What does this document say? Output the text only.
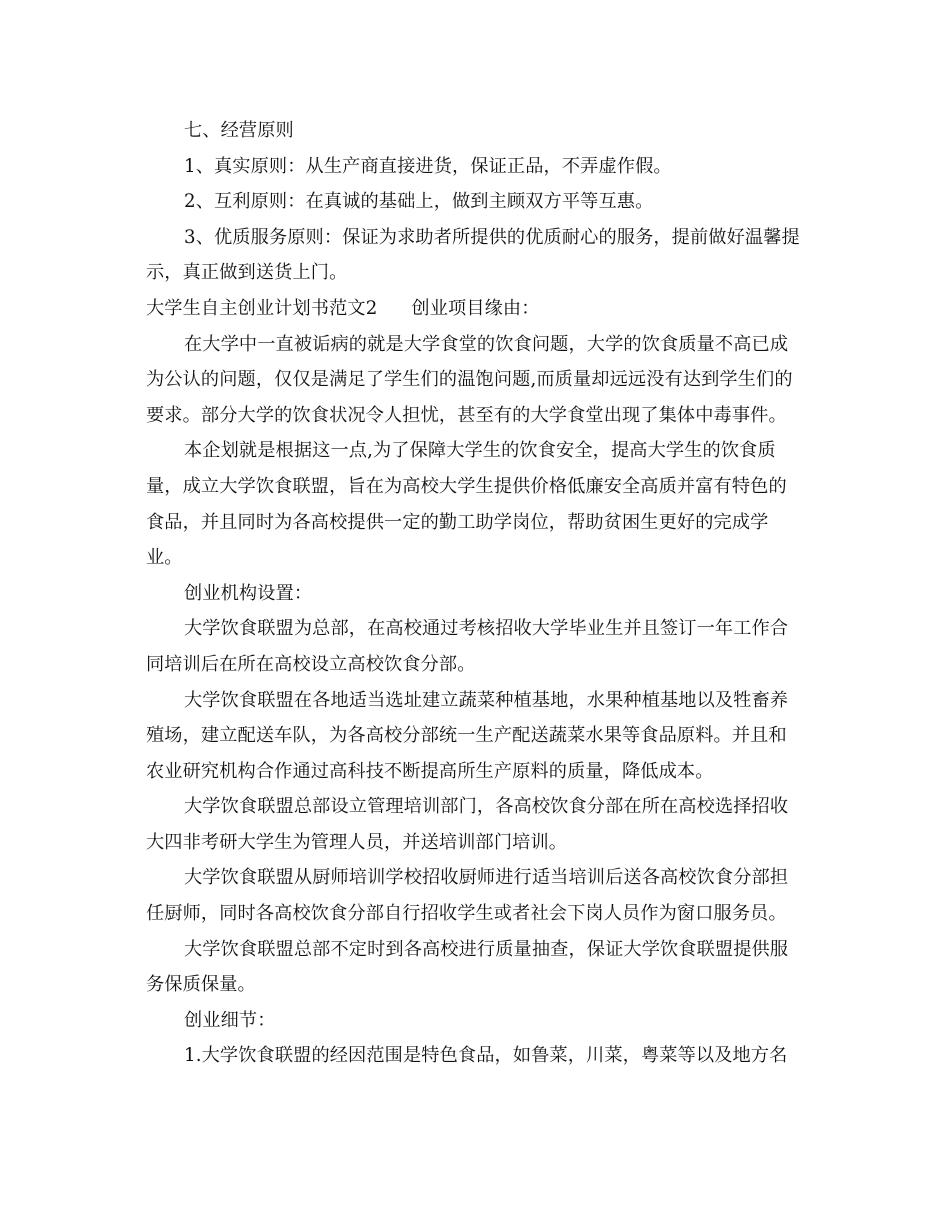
七、经营原则
1、真实原则：从生产商直接进货，保证正品，不弄虚作假。
2、互利原则：在真诚的基础上，做到主顾双方平等互惠。
3、优质服务原则：保证为求助者所提供的优质耐心的服务，提前做好温馨提
示，真正做到送货上门。
大学生自主创业计划书范文2 创业项目缘由：
在大学中一直被诟病的就是大学食堂的饮食问题，大学的饮食质量不高已成
为公认的问题，仅仅是满足了学生们的温饱问题,而质量却远远没有达到学生们的
要求。部分大学的饮食状况令人担忧，甚至有的大学食堂出现了集体中毒事件。
本企划就是根据这一点,为了保障大学生的饮食安全，提高大学生的饮食质
量，成立大学饮食联盟，旨在为高校大学生提供价格低廉安全高质并富有特色的
食品，并且同时为各高校提供一定的勤工助学岗位，帮助贫困生更好的完成学
业。
创业机构设置：
大学饮食联盟为总部，在高校通过考核招收大学毕业生并且签订一年工作合
同培训后在所在高校设立高校饮食分部。
大学饮食联盟在各地适当选址建立蔬菜种植基地，水果种植基地以及牲畜养
殖场，建立配送车队，为各高校分部统一生产配送蔬菜水果等食品原料。并且和
农业研究机构合作通过高科技不断提高所生产原料的质量，降低成本。
大学饮食联盟总部设立管理培训部门，各高校饮食分部在所在高校选择招收
大四非考研大学生为管理人员，并送培训部门培训。
大学饮食联盟从厨师培训学校招收厨师进行适当培训后送各高校饮食分部担
任厨师，同时各高校饮食分部自行招收学生或者社会下岗人员作为窗口服务员。
大学饮食联盟总部不定时到各高校进行质量抽查，保证大学饮食联盟提供服
务保质保量。
创业细节：
1.大学饮食联盟的经因范围是特色食品，如鲁菜，川菜，粤菜等以及地方名
